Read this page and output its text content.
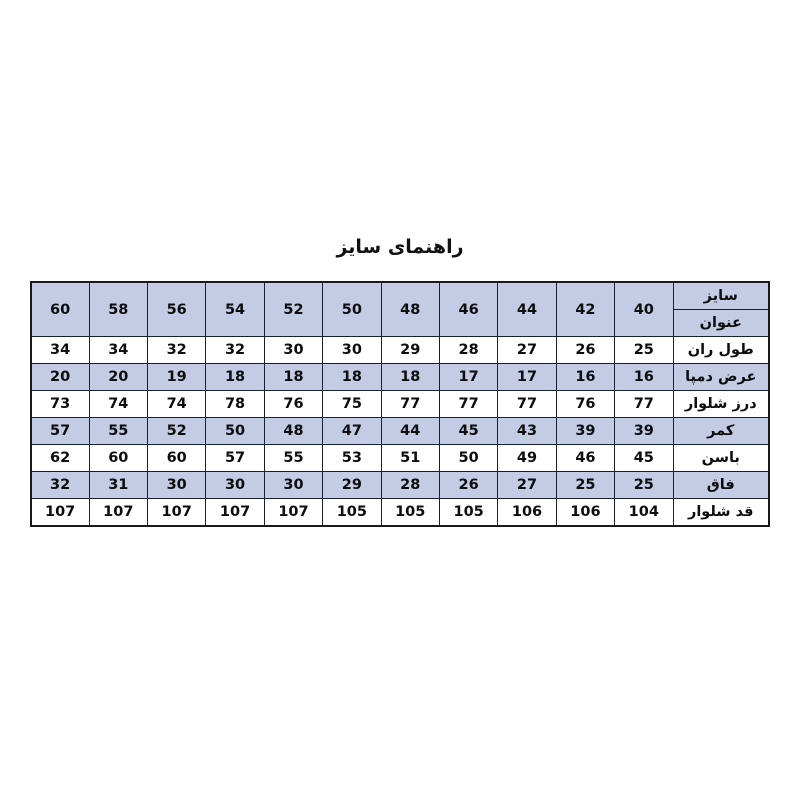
راهنمای سایز
سایز
عنوان	40	42	44	46	48	50	52	54	56	58	60
طول ران	25	26	27	28	29	30	30	32	32	34	34
عرض دمپا	16	16	17	17	18	18	18	18	19	20	20
درز شلوار	77	76	77	77	77	75	76	78	74	74	73
کمر	39	39	43	45	44	47	48	50	52	55	57
باسن	45	46	49	50	51	53	55	57	60	60	62
فاق	25	25	27	26	28	29	30	30	30	31	32
قد شلوار	104	106	106	105	105	105	107	107	107	107	107
